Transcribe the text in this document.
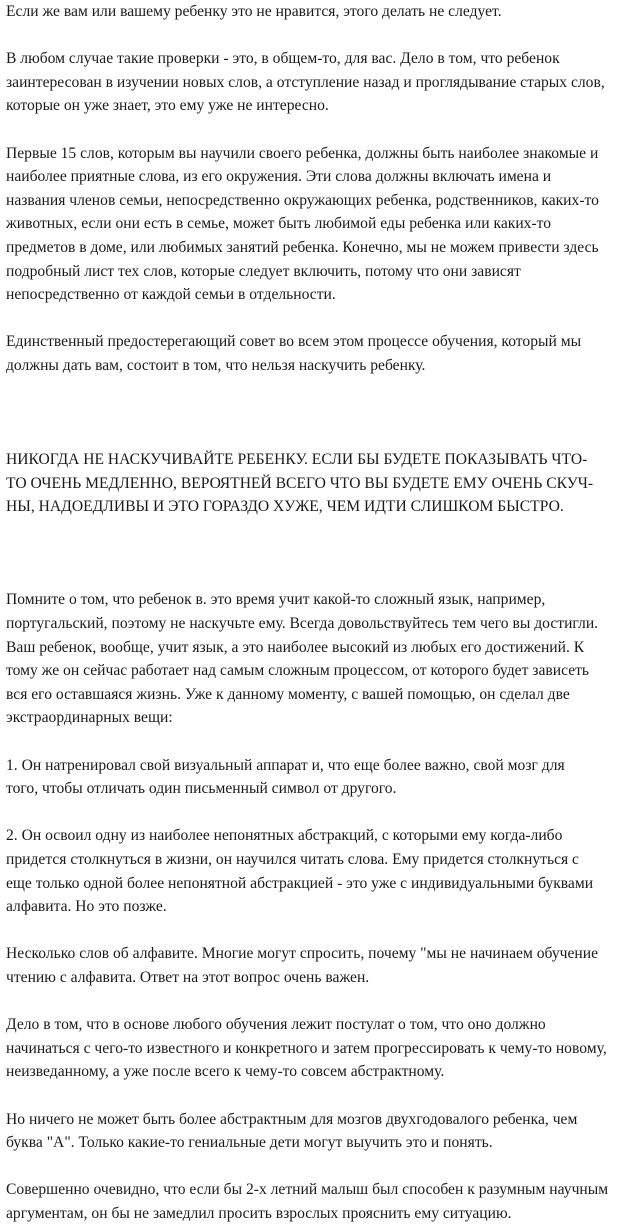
Если же вам или вашему ребенку это не нравится, этого делать не следует.
В любом случае такие проверки - это, в общем-то, для вас. Дело в том, что ребенок
заинтересован в изучении новых слов, а отступление назад и проглядывание старых слов,
которые он уже знает, это ему уже не интересно.
Первые 15 слов, которым вы научили своего ребенка, должны быть наиболее знакомые и
наиболее приятные слова, из его окружения. Эти слова должны включать имена и
названия членов семьи, непосредственно окружающих ребенка, родственников, каких-то
животных, если они есть в семье, может быть любимой еды ребенка или каких-то
предметов в доме, или любимых занятий ребенка. Конечно, мы не можем привести здесь
подробный лист тех слов, которые следует включить, потому что они зависят
непосредственно от каждой семьи в отдельности.
Единственный предостерегающий совет во всем этом процессе обучения, который мы
должны дать вам, состоит в том, что нельзя наскучить ребенку.
НИКОГДА НЕ НАСКУЧИВАЙТЕ РЕБЕНКУ. ЕСЛИ БЫ БУДЕТЕ ПОКАЗЫВАТЬ ЧТО-
ТО ОЧЕНЬ МЕДЛЕННО, ВЕРОЯТНЕЙ ВСЕГО ЧТО ВЫ БУДЕТЕ ЕМУ ОЧЕНЬ СКУЧ-
НЫ, НАДОЕДЛИВЫ И ЭТО ГОРАЗДО ХУЖЕ, ЧЕМ ИДТИ СЛИШКОМ БЫСТРО.
Помните о том, что ребенок в. это время учит какой-то сложный язык, например,
португальский, поэтому не наскучьте ему. Всегда довольствуйтесь тем чего вы достигли.
Ваш ребенок, вообще, учит язык, а это наиболее высокий из любых его достижений. К
тому же он сейчас работает над самым сложным процессом, от которого будет зависеть
вся его оставшаяся жизнь. Уже к данному моменту, с вашей помощью, он сделал две
экстраординарных вещи:
1. Он натренировал свой визуальный аппарат и, что еще более важно, свой мозг для
того, чтобы отличать один письменный символ от другого.
2. Он освоил одну из наиболее непонятных абстракций, с которыми ему когда-либо
придется столкнуться в жизни, он научился читать слова. Ему придется столкнуться с
еще только одной более непонятной абстракцией - это уже с индивидуальными буквами
алфавита. Но это позже.
Несколько слов об алфавите. Многие могут спросить, почему "мы не начинаем обучение
чтению с алфавита. Ответ на этот вопрос очень важен.
Дело в том, что в основе любого обучения лежит постулат о том, что оно должно
начинаться с чего-то известного и конкретного и затем прогрессировать к чему-то новому,
неизведанному, а уже после всего к чему-то совсем абстрактному.
Но ничего не может быть более абстрактным для мозгов двухгодовалого ребенка, чем
буква "А". Только какие-то гениальные дети могут выучить это и понять.
Совершенно очевидно, что если бы 2-х летний малыш был способен к разумным научным
аргументам, он бы не замедлил просить взрослых прояснить ему ситуацию.
